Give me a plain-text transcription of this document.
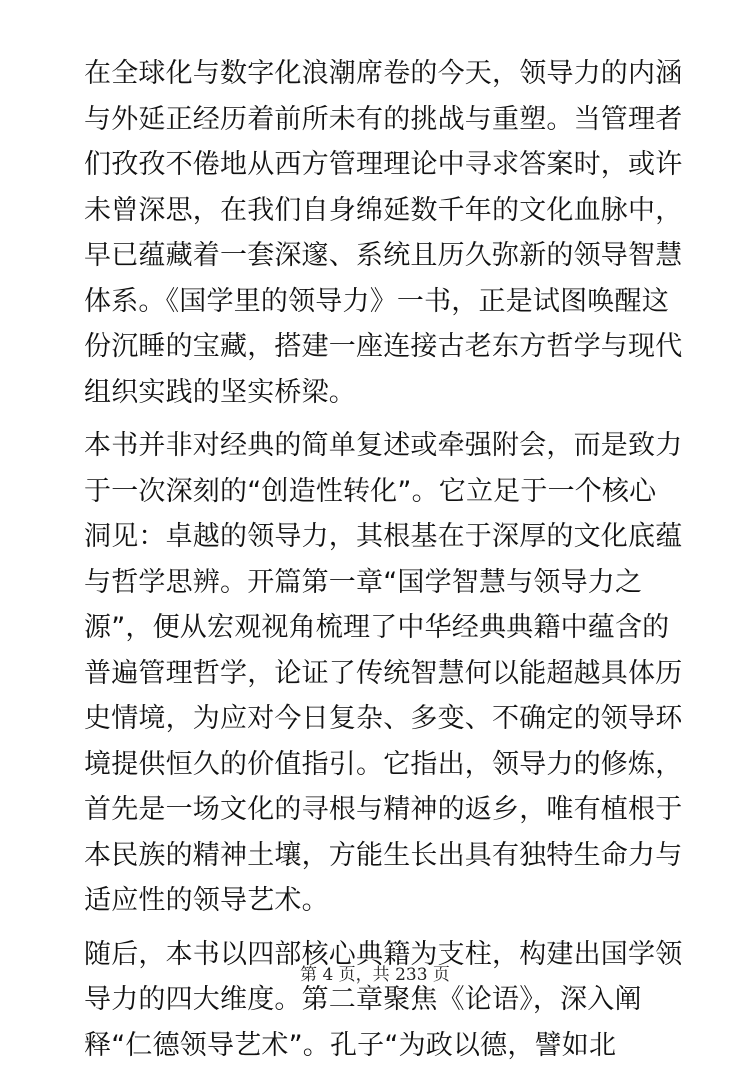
在全球化与数字化浪潮席卷的今天，领导力的内涵
与外延正经历着前所未有的挑战与重塑。当管理者
们孜孜不倦地从西方管理理论中寻求答案时，或许
未曾深思，在我们自身绵延数千年的文化血脉中，
早已蕴藏着一套深邃、系统且历久弥新的领导智慧
体系。《国学里的领导力》一书，正是试图唤醒这
份沉睡的宝藏，搭建一座连接古老东方哲学与现代
组织实践的坚实桥梁。
本书并非对经典的简单复述或牵强附会，而是致力
于一次深刻的“创造性转化”。它立足于一个核心
洞见：卓越的领导力，其根基在于深厚的文化底蕴
与哲学思辨。开篇第一章“国学智慧与领导力之
源”，便从宏观视角梳理了中华经典典籍中蕴含的
普遍管理哲学，论证了传统智慧何以能超越具体历
史情境，为应对今日复杂、多变、不确定的领导环
境提供恒久的价值指引。它指出，领导力的修炼，
首先是一场文化的寻根与精神的返乡，唯有植根于
本民族的精神土壤，方能生长出具有独特生命力与
适应性的领导艺术。
随后，本书以四部核心典籍为支柱，构建出国学领
导力的四大维度。第二章聚焦《论语》，深入阐
释“仁德领导艺术”。孔子“为政以德，譬如北
第 4 页，共 233 页
